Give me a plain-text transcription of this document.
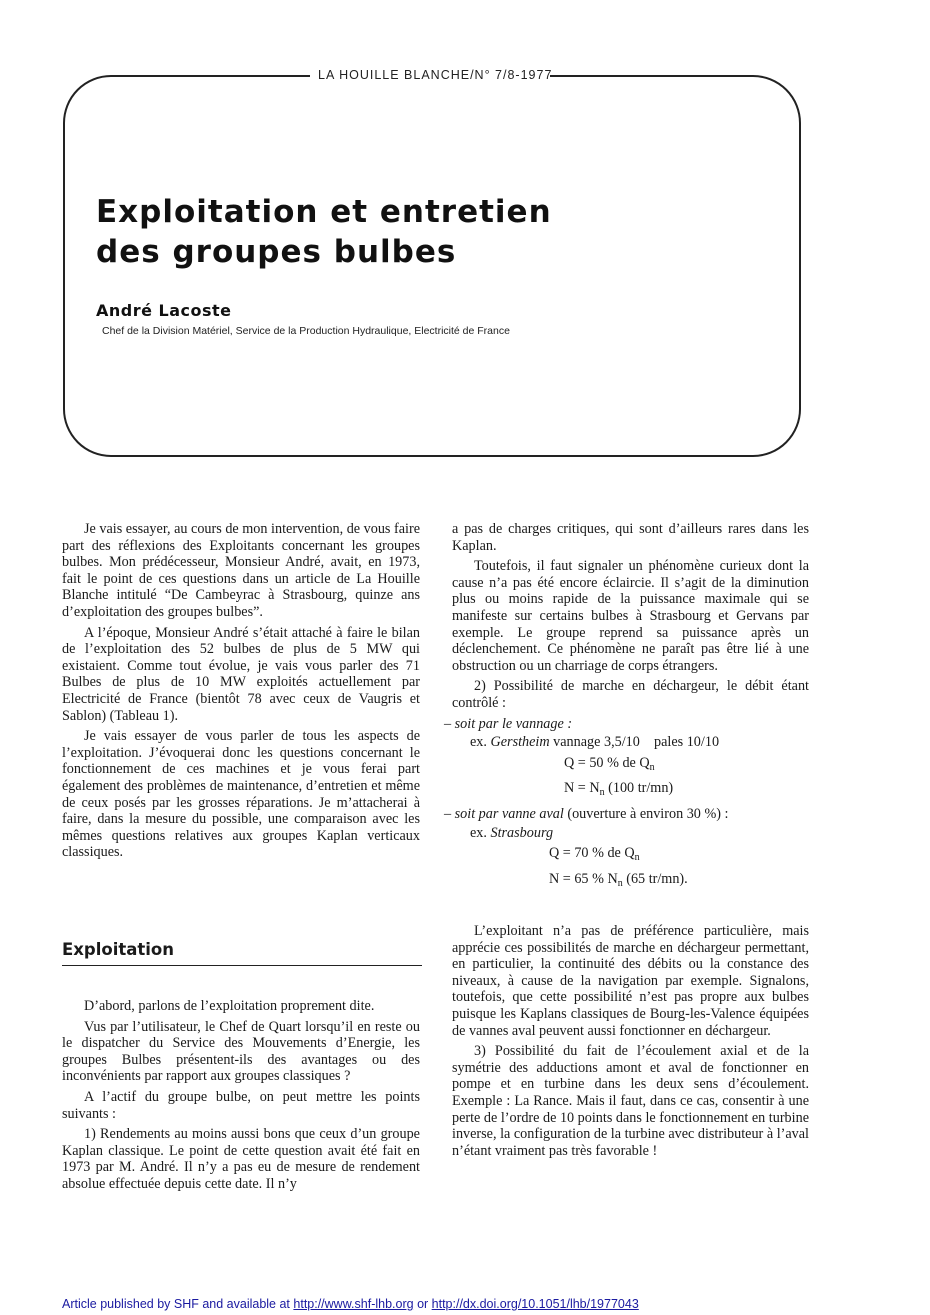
LA HOUILLE BLANCHE/N° 7/8-1977
Exploitation et entretien
des groupes bulbes
André Lacoste
Chef de la Division Matériel, Service de la Production Hydraulique, Electricité de France

Je vais essayer, au cours de mon intervention, de vous faire part des réflexions des Exploitants concernant les groupes bulbes. Mon prédécesseur, Monsieur André, avait, en 1973, fait le point de ces questions dans un article de La Houille Blanche intitulé “De Cambeyrac à Strasbourg, quinze ans d’exploitation des groupes bulbes”.

A l’époque, Monsieur André s’était attaché à faire le bilan de l’exploitation des 52 bulbes de plus de 5 MW qui existaient. Comme tout évolue, je vais vous parler des 71 Bulbes de plus de 10 MW exploités actuellement par Electricité de France (bientôt 78 avec ceux de Vaugris et Sablon) (Tableau 1).

Je vais essayer de vous parler de tous les aspects de l’exploitation. J’évoquerai donc les questions concernant le fonctionnement de ces machines et je vous ferai part également des problèmes de maintenance, d’entretien et même de ceux posés par les grosses réparations. Je m’attacherai à faire, dans la mesure du possible, une comparaison avec les mêmes questions relatives aux groupes Kaplan verticaux classiques.

Exploitation

D’abord, parlons de l’exploitation proprement dite.

Vus par l’utilisateur, le Chef de Quart lorsqu’il en reste ou le dispatcher du Service des Mouvements d’Energie, les groupes Bulbes présentent-ils des avantages ou des inconvénients par rapport aux groupes classiques ?

A l’actif du groupe bulbe, on peut mettre les points suivants :

1) Rendements au moins aussi bons que ceux d’un groupe Kaplan classique. Le point de cette question avait été fait en 1973 par M. André. Il n’y a pas eu de mesure de rendement absolue effectuée depuis cette date. Il n’y

a pas de charges critiques, qui sont d’ailleurs rares dans les Kaplan.

Toutefois, il faut signaler un phénomène curieux dont la cause n’a pas été encore éclaircie. Il s’agit de la diminution plus ou moins rapide de la puissance maximale qui se manifeste sur certains bulbes à Strasbourg et Gervans par exemple. Le groupe reprend sa puissance après un déclenchement. Ce phénomène ne paraît pas être lié à une obstruction ou un charriage de corps étrangers.

2) Possibilité de marche en déchargeur, le débit étant contrôlé :

– soit par le vannage :
ex. Gerstheim vannage 3,5/10    pales 10/10
Q = 50 % de $Q_n$
$N = N_n$ (100 tr/mn)
– soit par vanne aval (ouverture à environ 30 %) :
ex. Strasbourg
Q = 70 % de $Q_n$
N = 65 % $N_n$ (65 tr/mn).

L’exploitant n’a pas de préférence particulière, mais apprécie ces possibilités de marche en déchargeur permettant, en particulier, la continuité des débits ou la constance des niveaux, à cause de la navigation par exemple. Signalons, toutefois, que cette possibilité n’est pas propre aux bulbes puisque les Kaplans classiques de Bourg-les-Valence équipées de vannes aval peuvent aussi fonctionner en déchargeur.

3) Possibilité du fait de l’écoulement axial et de la symétrie des adductions amont et aval de fonctionner en pompe et en turbine dans les deux sens d’écoulement. Exemple : La Rance. Mais il faut, dans ce cas, consentir à une perte de l’ordre de 10 points dans le fonctionnement en turbine inverse, la configuration de la turbine avec distributeur à l’aval n’étant vraiment pas très favorable !

Article published by SHF and available at http://www.shf-lhb.org or http://dx.doi.org/10.1051/lhb/1977043
